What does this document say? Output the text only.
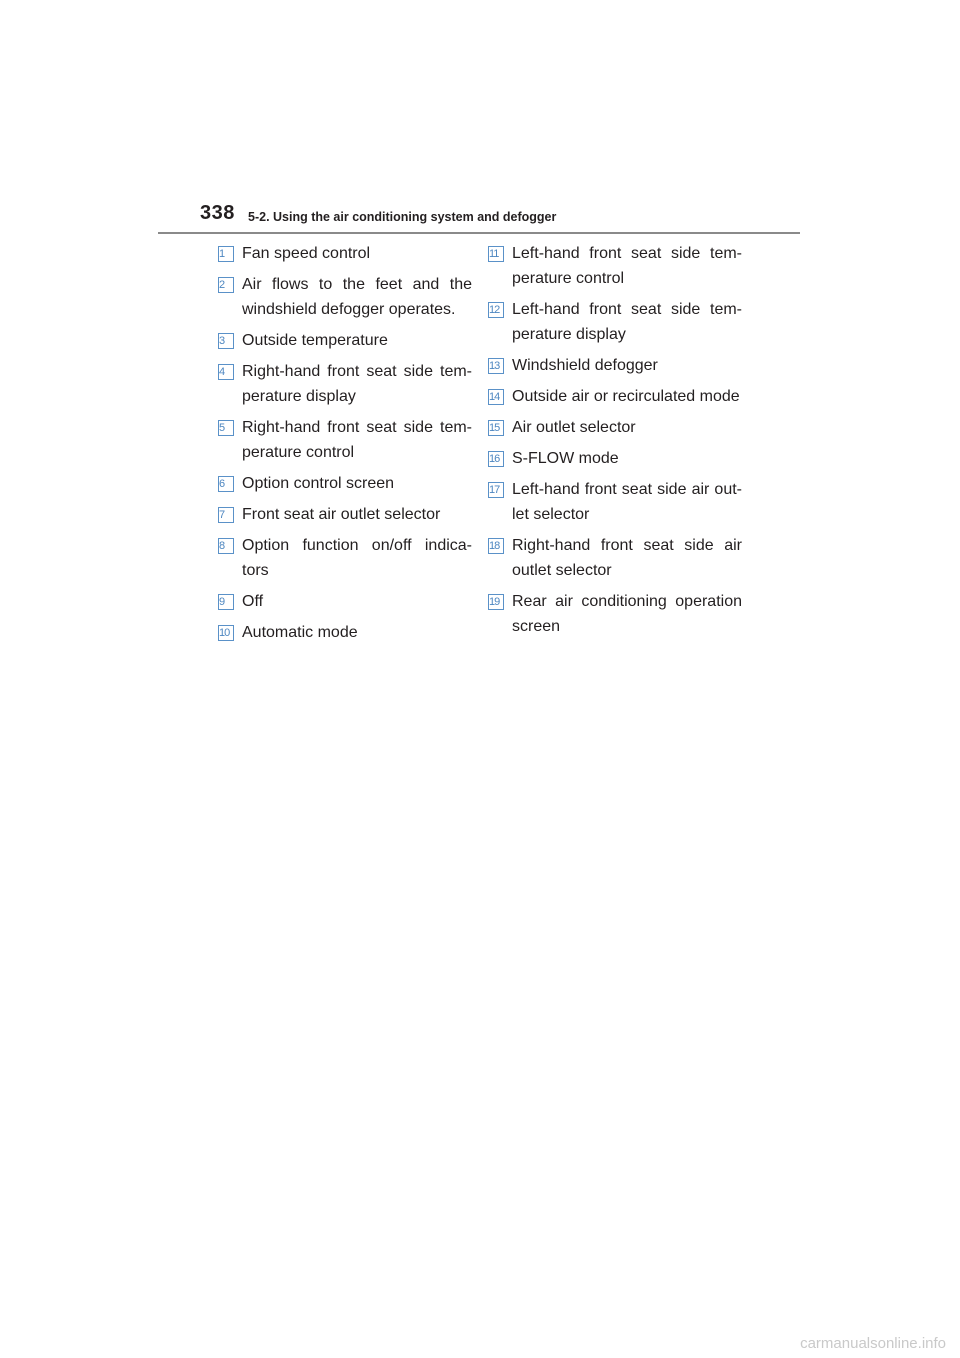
338 5-2. Using the air conditioning system and defogger
1	Fan speed control
2	Air flows to the feet and the windshield defogger operates.
3	Outside temperature
4	Right-hand front seat side tem-perature display
5	Right-hand front seat side tem-perature control
6	Option control screen
7	Front seat air outlet selector
8	Option function on/off indica-tors
9	Off
10 Automatic mode
11 Left-hand front seat side tem-perature control
12 Left-hand front seat side tem-perature display
13 Windshield defogger
14 Outside air or recirculated mode
15 Air outlet selector
16 S-FLOW mode
17 Left-hand front seat side air out-let selector
18 Right-hand front seat side air outlet selector
19 Rear air conditioning operation screen
carmanualsonline.info
